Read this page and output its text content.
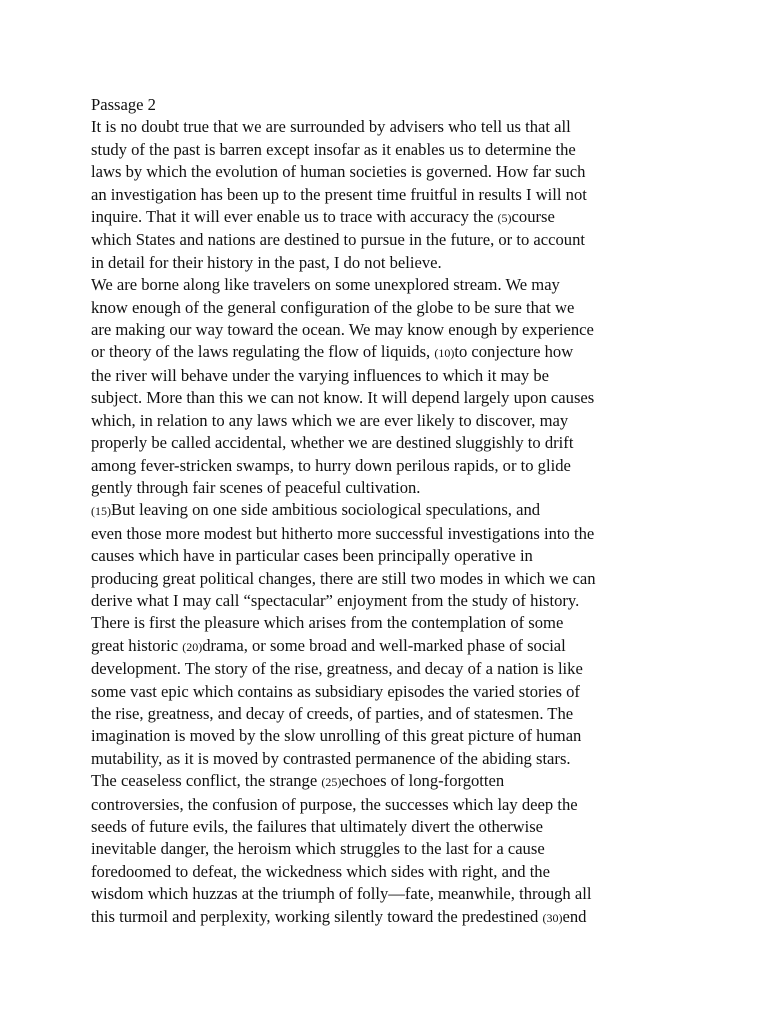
Passage 2
It is no doubt true that we are surrounded by advisers who tell us that all
study of the past is barren except insofar as it enables us to determine the
laws by which the evolution of human societies is governed. How far such
an investigation has been up to the present time fruitful in results I will not
inquire. That it will ever enable us to trace with accuracy the (5)course
which States and nations are destined to pursue in the future, or to account
in detail for their history in the past, I do not believe.
We are borne along like travelers on some unexplored stream. We may
know enough of the general configuration of the globe to be sure that we
are making our way toward the ocean. We may know enough by experience
or theory of the laws regulating the flow of liquids, (10)to conjecture how
the river will behave under the varying influences to which it may be
subject. More than this we can not know. It will depend largely upon causes
which, in relation to any laws which we are ever likely to discover, may
properly be called accidental, whether we are destined sluggishly to drift
among fever-stricken swamps, to hurry down perilous rapids, or to glide
gently through fair scenes of peaceful cultivation.
(15)But leaving on one side ambitious sociological speculations, and
even those more modest but hitherto more successful investigations into the
causes which have in particular cases been principally operative in
producing great political changes, there are still two modes in which we can
derive what I may call “spectacular” enjoyment from the study of history.
There is first the pleasure which arises from the contemplation of some
great historic (20)drama, or some broad and well-marked phase of social
development. The story of the rise, greatness, and decay of a nation is like
some vast epic which contains as subsidiary episodes the varied stories of
the rise, greatness, and decay of creeds, of parties, and of statesmen. The
imagination is moved by the slow unrolling of this great picture of human
mutability, as it is moved by contrasted permanence of the abiding stars.
The ceaseless conflict, the strange (25)echoes of long-forgotten
controversies, the confusion of purpose, the successes which lay deep the
seeds of future evils, the failures that ultimately divert the otherwise
inevitable danger, the heroism which struggles to the last for a cause
foredoomed to defeat, the wickedness which sides with right, and the
wisdom which huzzas at the triumph of folly—fate, meanwhile, through all
this turmoil and perplexity, working silently toward the predestined (30)end
